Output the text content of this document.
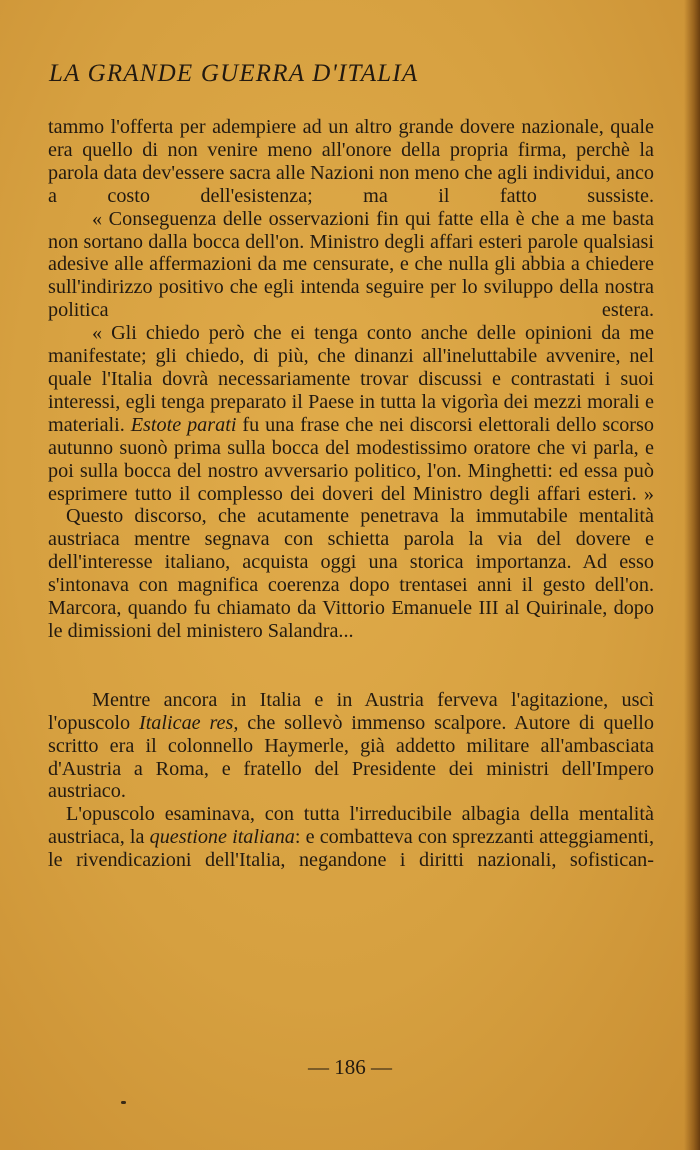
LA GRANDE GUERRA D'ITALIA

tammo l'offerta per adempiere ad un altro grande dovere nazionale, quale era quello di non venire meno all'onore della propria firma, perchè la parola data dev'essere sacra alle Nazioni non meno che agli individui, anco a costo dell'esistenza; ma il fatto sussiste.

« Conseguenza delle osservazioni fin qui fatte ella è che a me basta non sortano dalla bocca dell'on. Ministro degli affari esteri parole qualsiasi adesive alle affermazioni da me censurate, e che nulla gli abbia a chiedere sull'indirizzo positivo che egli intenda seguire per lo sviluppo della nostra politica estera.

« Gli chiedo però che ei tenga conto anche delle opinioni da me manifestate; gli chiedo, di più, che dinanzi all'ineluttabile avvenire, nel quale l'Italia dovrà necessariamente trovar discussi e contrastati i suoi interessi, egli tenga preparato il Paese in tutta la vigorìa dei mezzi morali e materiali. Estote parati fu una frase che nei discorsi elettorali dello scorso autunno suonò prima sulla bocca del modestissimo oratore che vi parla, e poi sulla bocca del nostro avversario politico, l'on. Minghetti: ed essa può esprimere tutto il complesso dei doveri del Ministro degli affari esteri. »

Questo discorso, che acutamente penetrava la immutabile mentalità austriaca mentre segnava con schietta parola la via del dovere e dell'interesse italiano, acquista oggi una storica importanza. Ad esso s'intonava con magnifica coerenza dopo trentasei anni il gesto dell'on. Marcora, quando fu chiamato da Vittorio Emanuele III al Quirinale, dopo le dimissioni del ministero Salandra...

Mentre ancora in Italia e in Austria ferveva l'agitazione, uscì l'opuscolo Italicae res, che sollevò immenso scalpore. Autore di quello scritto era il colonnello Haymerle, già addetto militare all'ambasciata d'Austria a Roma, e fratello del Presidente dei ministri dell'Impero austriaco.

L'opuscolo esaminava, con tutta l'irreducibile albagia della mentalità austriaca, la questione italiana: e combatteva con sprezzanti atteggiamenti, le rivendicazioni dell'Italia, negandone i diritti nazionali, sofistican-

— 186 —
